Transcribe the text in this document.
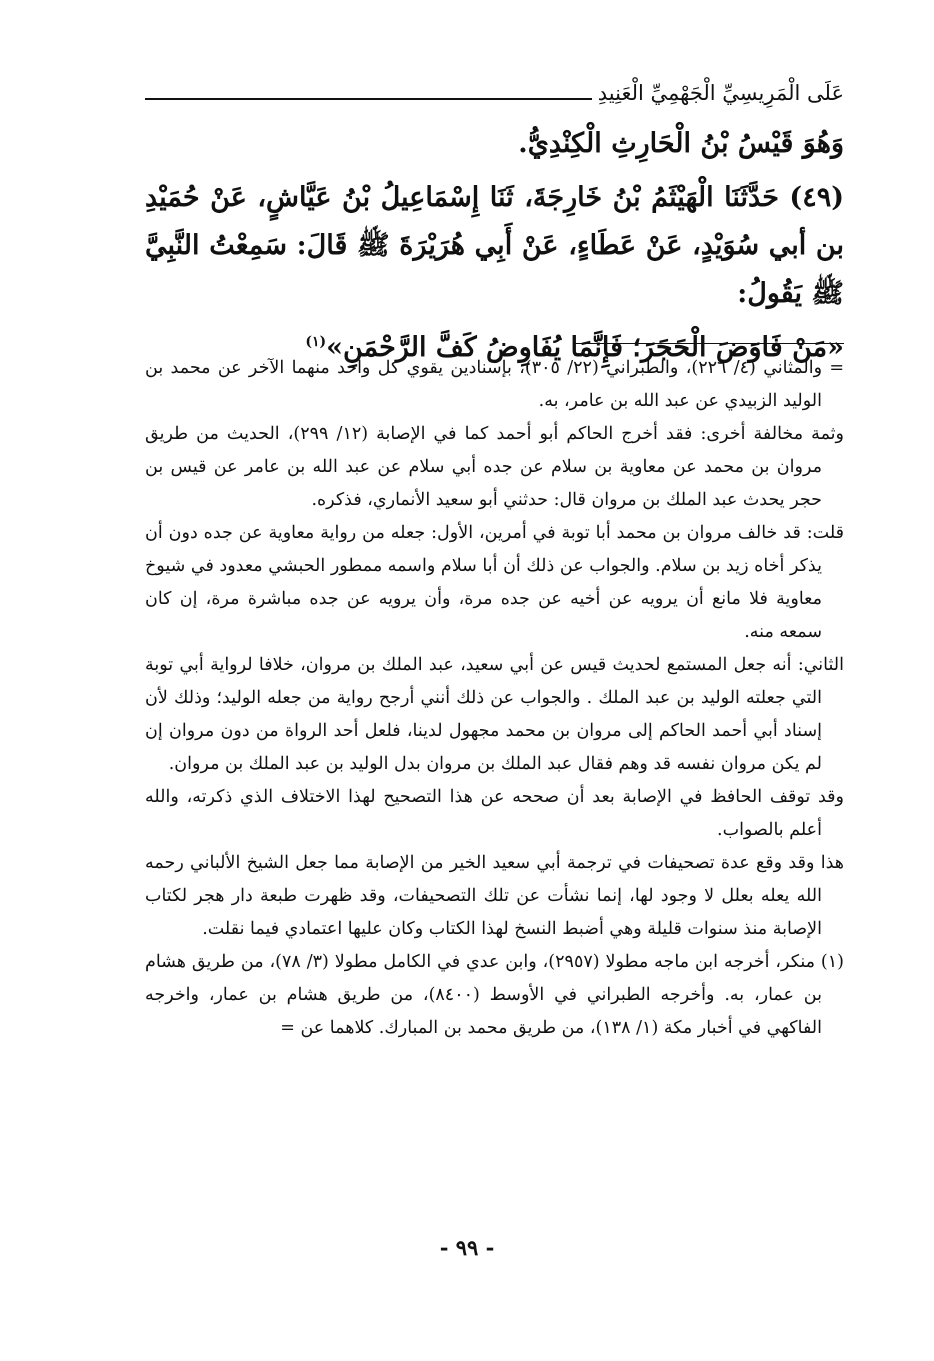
عَلَى الْمَرِيسِيِّ الْجَهْمِيِّ الْعَنِيدِ

وَهُوَ قَيْسُ بْنُ الْحَارِثِ الْكِنْدِيُّ.

(٤٩) حَدَّثَنَا الْهَيْثَمُ بْنُ خَارِجَةَ، ثَنَا إِسْمَاعِيلُ بْنُ عَيَّاشٍ، عَنْ حُمَيْدِ بن أبي سُوَيْدٍ، عَنْ عَطَاءٍ، عَنْ أَبِي هُرَيْرَةَ ﷺ قَالَ: سَمِعْتُ النَّبِيَّ ﷺ يَقُولُ:

«مَنْ فَاوَضَ الْحَجَرَ؛ فَإِنَّمَا يُفَاوِضُ كَفَّ الرَّحْمَنِ»$^{(١)}$

= والمثاني (٤/ ٢٢٦)، والطبراني (٢٢/ ٣٠٥)، بإسنادين يقوي كل واحد منهما الآخر عن محمد بن الوليد الزبيدي عن عبد الله بن عامر، به.

وثمة مخالفة أخرى: فقد أخرج الحاكم أبو أحمد كما في الإصابة (١٢/ ٢٩٩)، الحديث من طريق مروان بن محمد عن معاوية بن سلام عن جده أبي سلام عن عبد الله بن عامر عن قيس بن حجر يحدث عبد الملك بن مروان قال: حدثني أبو سعيد الأنماري، فذكره.

قلت: قد خالف مروان بن محمد أبا توبة في أمرين، الأول: جعله من رواية معاوية عن جده دون أن يذكر أخاه زيد بن سلام. والجواب عن ذلك أن أبا سلام واسمه ممطور الحبشي معدود في شيوخ معاوية فلا مانع أن يرويه عن أخيه عن جده مرة، وأن يرويه عن جده مباشرة مرة، إن كان سمعه منه.

الثاني: أنه جعل المستمع لحديث قيس عن أبي سعيد، عبد الملك بن مروان، خلافا لرواية أبي توبة التي جعلته الوليد بن عبد الملك . والجواب عن ذلك أنني أرجح رواية من جعله الوليد؛ وذلك لأن إسناد أبي أحمد الحاكم إلى مروان بن محمد مجهول لدينا، فلعل أحد الرواة من دون مروان إن لم يكن مروان نفسه قد وهم فقال عبد الملك بن مروان بدل الوليد بن عبد الملك بن مروان.

وقد توقف الحافظ في الإصابة بعد أن صححه عن هذا التصحيح لهذا الاختلاف الذي ذكرته، والله أعلم بالصواب.

هذا وقد وقع عدة تصحيفات في ترجمة أبي سعيد الخير من الإصابة مما جعل الشيخ الألباني رحمه الله يعله بعلل لا وجود لها، إنما نشأت عن تلك التصحيفات، وقد ظهرت طبعة دار هجر لكتاب الإصابة منذ سنوات قليلة وهي أضبط النسخ لهذا الكتاب وكان عليها اعتمادي فيما نقلت.

(١) منكر، أخرجه ابن ماجه مطولا (٢٩٥٧)، وابن عدي في الكامل مطولا (٣/ ٧٨)، من طريق هشام بن عمار، به. وأخرجه الطبراني في الأوسط (٨٤٠٠)، من طريق هشام بن عمار، واخرجه الفاكهي في أخبار مكة (١/ ١٣٨)، من طريق محمد بن المبارك. كلاهما عن =

- ٩٩ -
